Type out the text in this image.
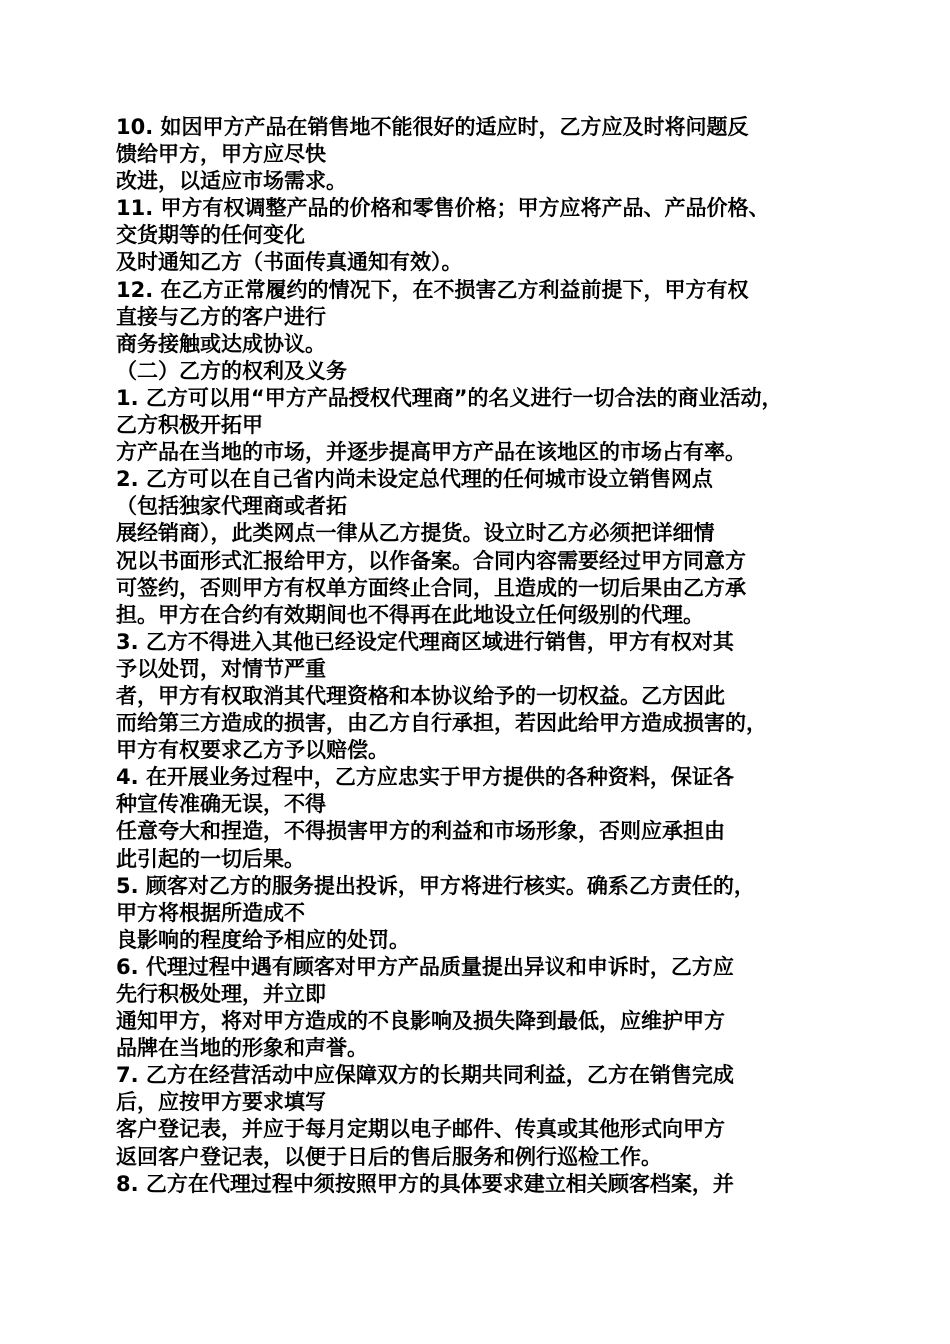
10. 如因甲方产品在销售地不能很好的适应时，乙方应及时将问题反
馈给甲方，甲方应尽快
改进，以适应市场需求。
11. 甲方有权调整产品的价格和零售价格；甲方应将产品、产品价格、
交货期等的任何变化
及时通知乙方（书面传真通知有效）。
12. 在乙方正常履约的情况下，在不损害乙方利益前提下，甲方有权
直接与乙方的客户进行
商务接触或达成协议。
（二）乙方的权利及义务
1. 乙方可以用“甲方产品授权代理商”的名义进行一切合法的商业活动，
乙方积极开拓甲
方产品在当地的市场，并逐步提高甲方产品在该地区的市场占有率。
2. 乙方可以在自己省内尚未设定总代理的任何城市设立销售网点
（包括独家代理商或者拓
展经销商），此类网点一律从乙方提货。设立时乙方必须把详细情
况以书面形式汇报给甲方，以作备案。合同内容需要经过甲方同意方
可签约，否则甲方有权单方面终止合同，且造成的一切后果由乙方承
担。甲方在合约有效期间也不得再在此地设立任何级别的代理。
3. 乙方不得进入其他已经设定代理商区域进行销售，甲方有权对其
予以处罚，对情节严重
者，甲方有权取消其代理资格和本协议给予的一切权益。乙方因此
而给第三方造成的损害，由乙方自行承担，若因此给甲方造成损害的，
甲方有权要求乙方予以赔偿。
4. 在开展业务过程中，乙方应忠实于甲方提供的各种资料，保证各
种宣传准确无误，不得
任意夸大和捏造，不得损害甲方的利益和市场形象，否则应承担由
此引起的一切后果。
5. 顾客对乙方的服务提出投诉，甲方将进行核实。确系乙方责任的，
甲方将根据所造成不
良影响的程度给予相应的处罚。
6. 代理过程中遇有顾客对甲方产品质量提出异议和申诉时，乙方应
先行积极处理，并立即
通知甲方，将对甲方造成的不良影响及损失降到最低，应维护甲方
品牌在当地的形象和声誉。
7. 乙方在经营活动中应保障双方的长期共同利益，乙方在销售完成
后，应按甲方要求填写
客户登记表，并应于每月定期以电子邮件、传真或其他形式向甲方
返回客户登记表，以便于日后的售后服务和例行巡检工作。
8. 乙方在代理过程中须按照甲方的具体要求建立相关顾客档案，并
